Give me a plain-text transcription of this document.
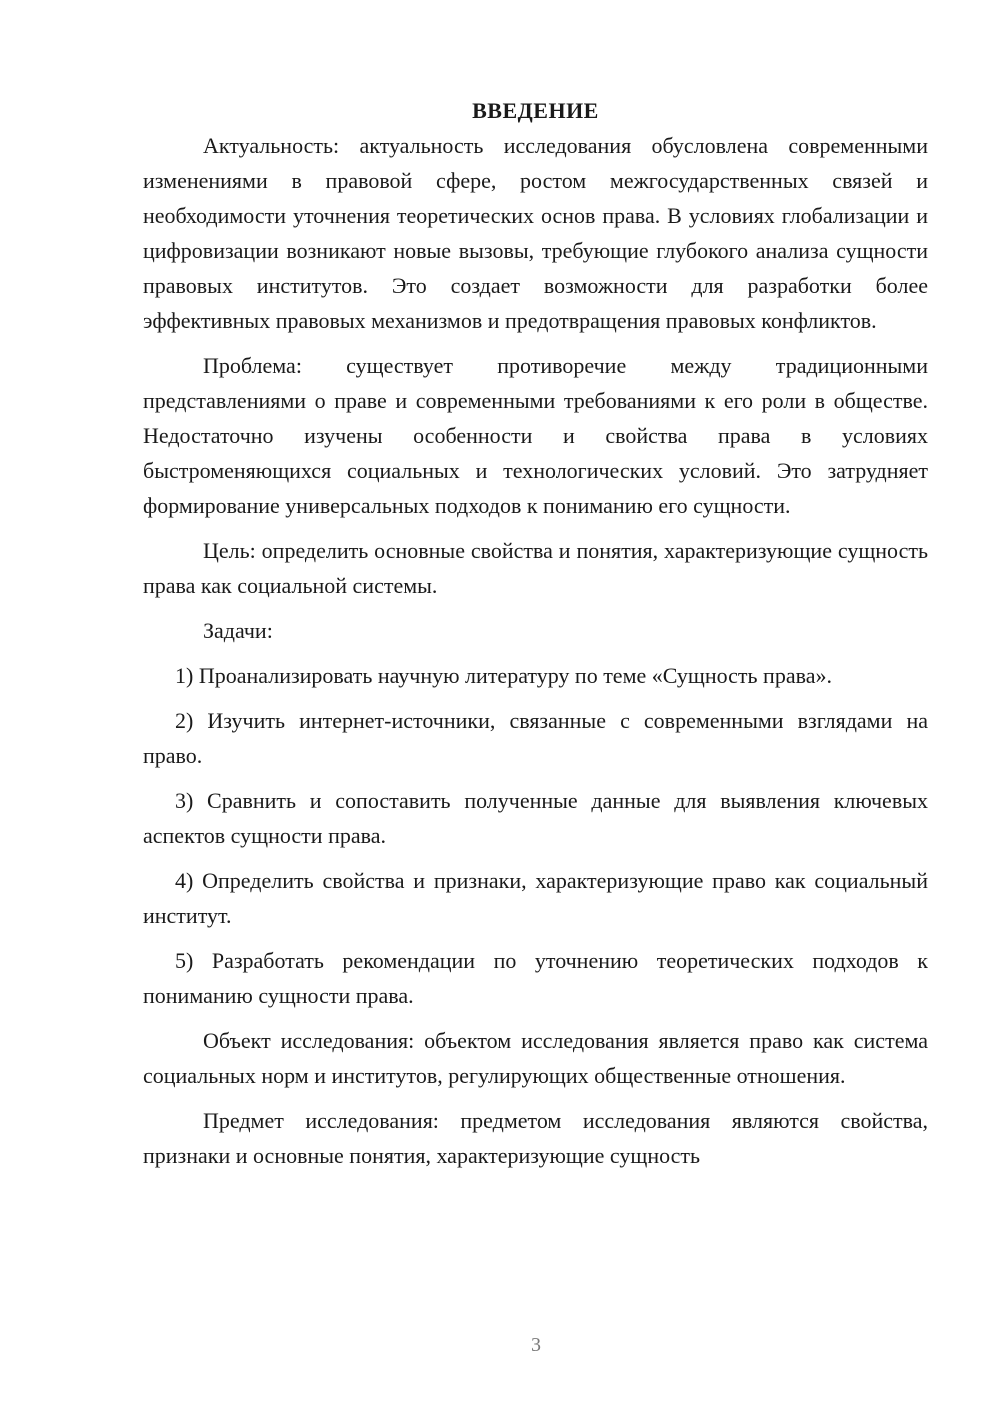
ВВЕДЕНИЕ

Актуальность: актуальность исследования обусловлена современными изменениями в правовой сфере, ростом межгосударственных связей и необходимости уточнения теоретических основ права. В условиях глобализации и цифровизации возникают новые вызовы, требующие глубокого анализа сущности правовых институтов. Это создает возможности для разработки более эффективных правовых механизмов и предотвращения правовых конфликтов.

Проблема: существует противоречие между традиционными представлениями о праве и современными требованиями к его роли в обществе. Недостаточно изучены особенности и свойства права в условиях быстроменяющихся социальных и технологических условий. Это затрудняет формирование универсальных подходов к пониманию его сущности.

Цель: определить основные свойства и понятия, характеризующие сущность права как социальной системы.

Задачи:

1) Проанализировать научную литературу по теме «Сущность права».

2) Изучить интернет-источники, связанные с современными взглядами на право.

3) Сравнить и сопоставить полученные данные для выявления ключевых аспектов сущности права.

4) Определить свойства и признаки, характеризующие право как социальный институт.

5) Разработать рекомендации по уточнению теоретических подходов к пониманию сущности права.

Объект исследования: объектом исследования является право как система социальных норм и институтов, регулирующих общественные отношения.

Предмет исследования: предметом исследования являются свойства, признаки и основные понятия, характеризующие сущность

3
